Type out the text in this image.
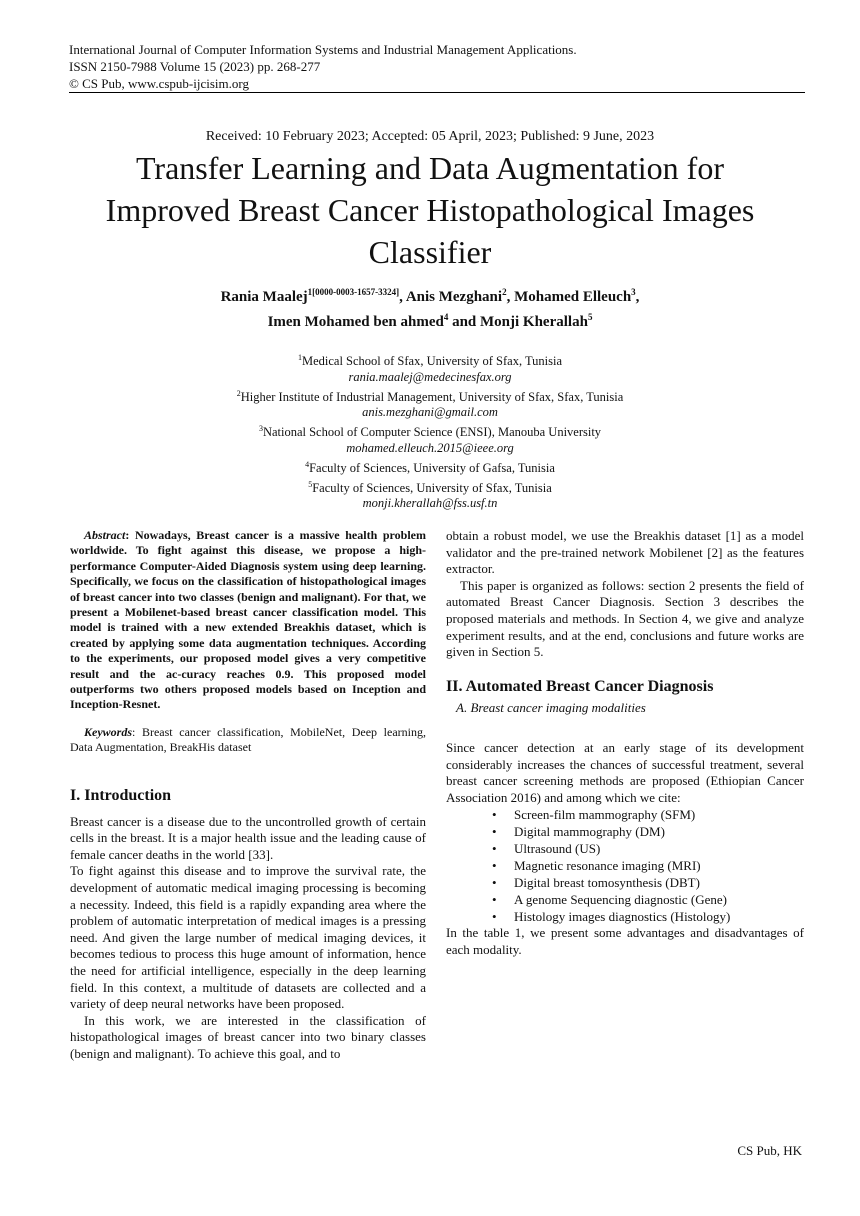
International Journal of Computer Information Systems and Industrial Management Applications.
ISSN 2150-7988 Volume 15 (2023) pp. 268-277
© CS Pub, www.cspub-ijcisim.org
Received: 10 February 2023; Accepted: 05 April, 2023; Published: 9 June, 2023
Transfer Learning and Data Augmentation for
Improved Breast Cancer Histopathological Images
Classifier
Rania Maalej$^{1[0000-0003-1657-3324]}$, Anis Mezghani$^2$, Mohamed Elleuch$^3$,
Imen Mohamed ben ahmed$^4$ and Monji Kherallah$^5$
$^1$Medical School of Sfax, University of Sfax, Tunisia
rania.maalej@medecinesfax.org
$^2$Higher Institute of Industrial Management, University of Sfax, Sfax, Tunisia
anis.mezghani@gmail.com
$^3$National School of Computer Science (ENSI), Manouba University
mohamed.elleuch.2015@ieee.org
$^4$Faculty of Sciences, University of Gafsa, Tunisia
$^5$Faculty of Sciences, University of Sfax, Tunisia
monji.kherallah@fss.usf.tn
Abstract: Nowadays, Breast cancer is a massive health problem worldwide. To fight against this disease, we propose a high-performance Computer-Aided Diagnosis system using deep learning. Specifically, we focus on the classification of histopathological images of breast cancer into two classes (benign and malignant). For that, we present a Mobilenet-based breast cancer classification model. This model is trained with a new extended Breakhis dataset, which is created by applying some data augmentation techniques. According to the experiments, our proposed model gives a very competitive result and the ac-curacy reaches 0.9. This proposed model outperforms two others proposed models based on Inception and Inception-Resnet.
Keywords: Breast cancer classification, MobileNet, Deep learning, Data Augmentation, BreakHis dataset
I. Introduction

Breast cancer is a disease due to the uncontrolled growth of certain cells in the breast. It is a major health issue and the leading cause of female cancer deaths in the world [33].

To fight against this disease and to improve the survival rate, the development of automatic medical imaging processing is becoming a necessity. Indeed, this field is a rapidly expanding area where the problem of automatic interpretation of medical images is a pressing need. And given the large number of medical imaging devices, it becomes tedious to process this huge amount of information, hence the need for artificial intelligence, especially in the deep learning field. In this context, a multitude of datasets are collected and a variety of deep neural networks have been proposed.

In this work, we are interested in the classification of histopathological images of breast cancer into two binary classes (benign and malignant). To achieve this goal, and to

obtain a robust model, we use the Breakhis dataset [1] as a model validator and the pre-trained network Mobilenet [2] as the features extractor.

This paper is organized as follows: section 2 presents the field of automated Breast Cancer Diagnosis. Section 3 describes the proposed materials and methods. In Section 4, we give and analyze experiment results, and at the end, conclusions and future works are given in Section 5.

II. Automated Breast Cancer Diagnosis
A. Breast cancer imaging modalities

Since cancer detection at an early stage of its development considerably increases the chances of successful treatment, several breast cancer screening methods are proposed (Ethiopian Cancer Association 2016) and among which we cite:

• Screen-film mammography (SFM)
• Digital mammography (DM)
• Ultrasound (US)
• Magnetic resonance imaging (MRI)
• Digital breast tomosynthesis (DBT)
• A genome Sequencing diagnostic (Gene)
• Histology images diagnostics (Histology)

In the table 1, we present some advantages and disadvantages of each modality.

CS Pub, HK
